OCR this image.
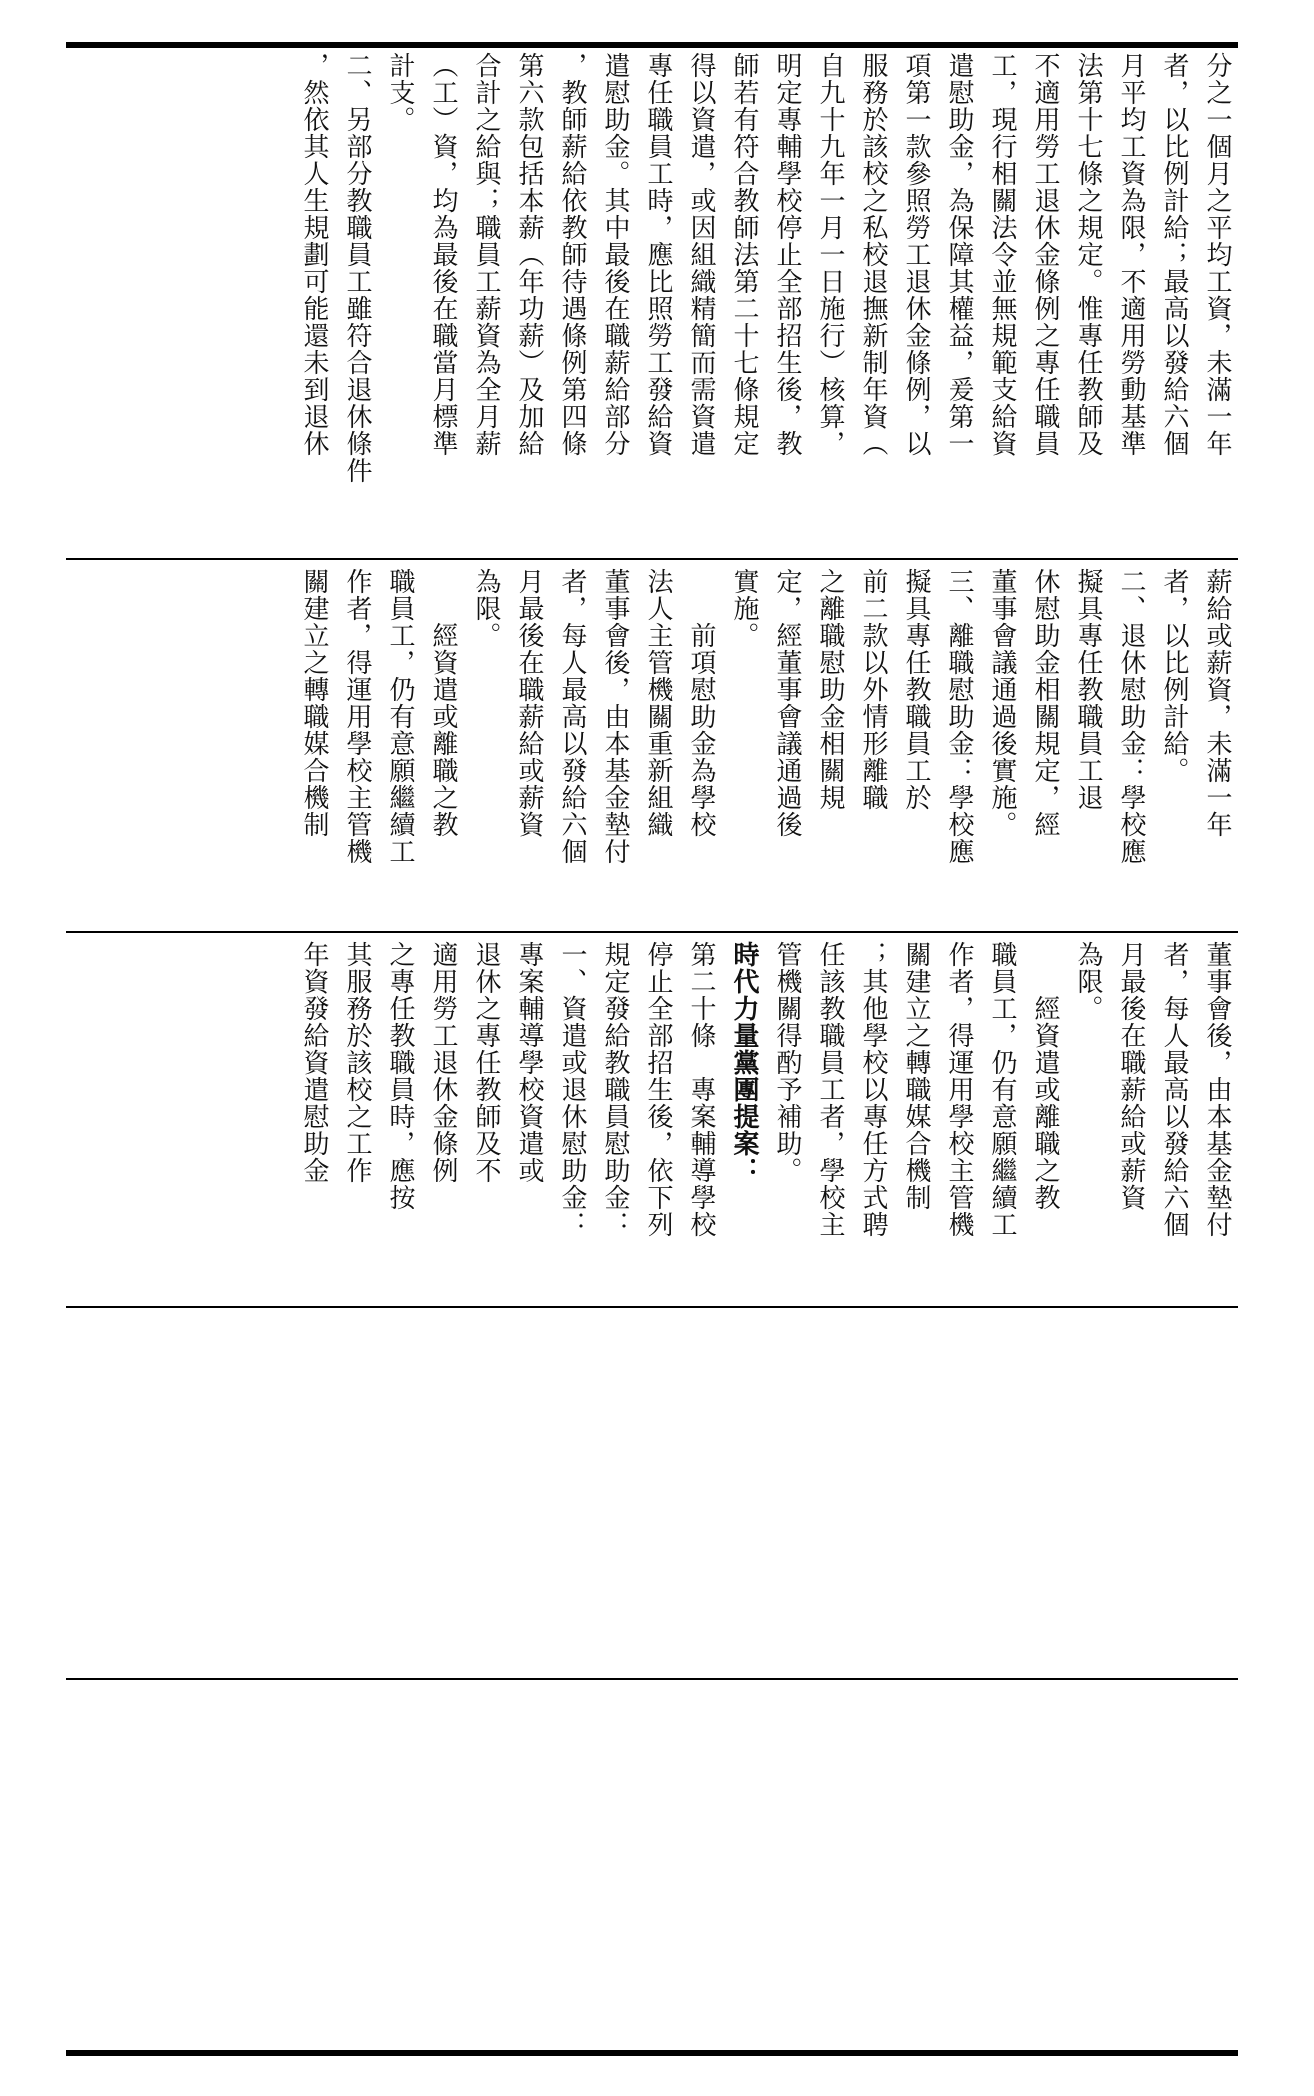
分之一個月之平均工資，未滿一年
者，以比例計給；最高以發給六個
月平均工資為限，不適用勞動基準
法第十七條之規定。惟專任教師及
不適用勞工退休金條例之專任職員
工，現行相關法令並無規範支給資
遣慰助金，為保障其權益，爰第一
項第一款參照勞工退休金條例，以
服務於該校之私校退撫新制年資（
自九十九年一月一日施行）核算，
明定專輔學校停止全部招生後，教
師若有符合教師法第二十七條規定
得以資遣，或因組織精簡而需資遣
專任職員工時，應比照勞工發給資
遣慰助金。其中最後在職薪給部分
，教師薪給依教師待遇條例第四條
第六款包括本薪（年功薪）及加給
合計之給與；職員工薪資為全月薪
（工）資，均為最後在職當月標準
計支。
二、另部分教職員工雖符合退休條件
，然依其人生規劃可能還未到退休
薪給或薪資，未滿一年
者，以比例計給。
二、退休慰助金：學校應
擬具專任教職員工退
休慰助金相關規定，經
董事會議通過後實施。
三、離職慰助金：學校應
擬具專任教職員工於
前二款以外情形離職
之離職慰助金相關規
定，經董事會議通過後
實施。
　　前項慰助金為學校
法人主管機關重新組織
董事會後，由本基金墊付
者，每人最高以發給六個
月最後在職薪給或薪資
為限。
　　經資遣或離職之教
職員工，仍有意願繼續工
作者，得運用學校主管機
關建立之轉職媒合機制
董事會後，由本基金墊付
者，每人最高以發給六個
月最後在職薪給或薪資
為限。
　　經資遣或離職之教
職員工，仍有意願繼續工
作者，得運用學校主管機
關建立之轉職媒合機制
；其他學校以專任方式聘
任該教職員工者，學校主
管機關得酌予補助。
時代力量黨團提案：
第二十條　專案輔導學校
停止全部招生後，依下列
規定發給教職員慰助金：
一、資遣或退休慰助金：
專案輔導學校資遣或
退休之專任教師及不
適用勞工退休金條例
之專任教職員時，應按
其服務於該校之工作
年資發給資遣慰助金
